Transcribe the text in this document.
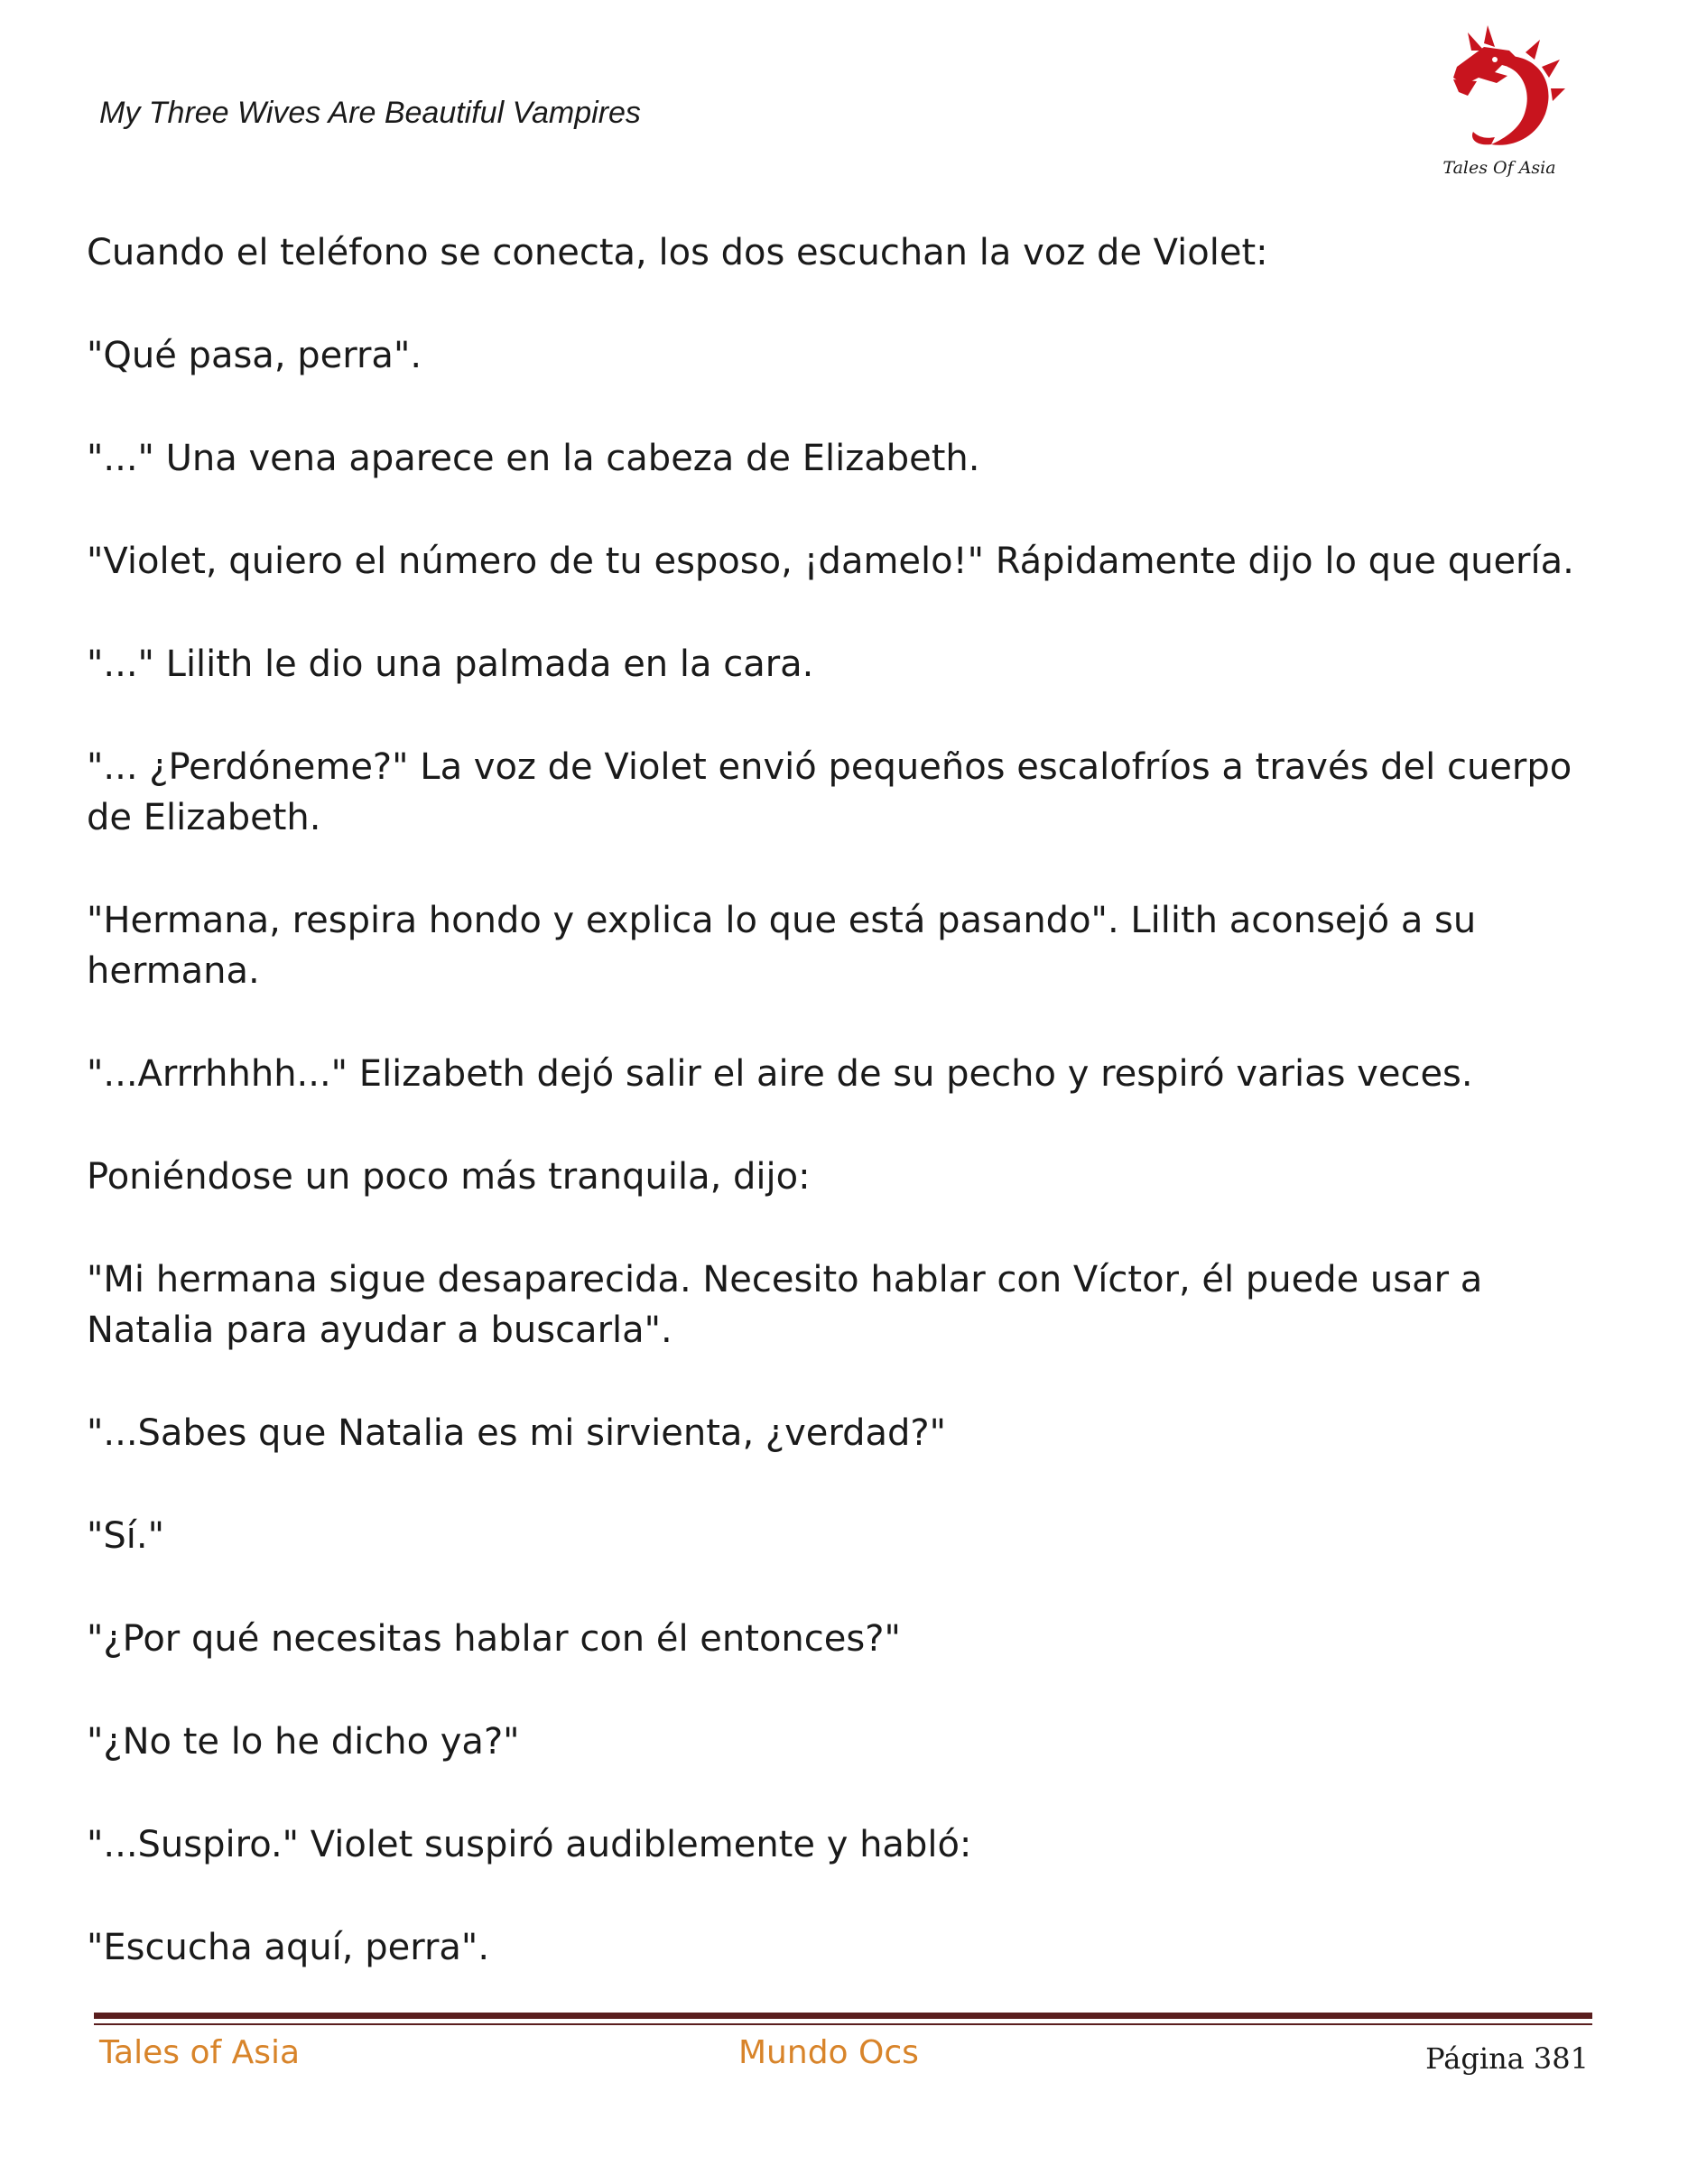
My Three Wives Are Beautiful Vampires
Tales Of Asia

Cuando el teléfono se conecta, los dos escuchan la voz de Violet:

"Qué pasa, perra".

"..." Una vena aparece en la cabeza de Elizabeth.

"Violet, quiero el número de tu esposo, ¡damelo!" Rápidamente dijo lo que quería.

"..." Lilith le dio una palmada en la cara.

"... ¿Perdóneme?" La voz de Violet envió pequeños escalofríos a través del cuerpo de Elizabeth.

"Hermana, respira hondo y explica lo que está pasando". Lilith aconsejó a su hermana.

"...Arrrhhhh..." Elizabeth dejó salir el aire de su pecho y respiró varias veces.

Poniéndose un poco más tranquila, dijo:

"Mi hermana sigue desaparecida. Necesito hablar con Víctor, él puede usar a Natalia para ayudar a buscarla".

"...Sabes que Natalia es mi sirvienta, ¿verdad?"

"Sí."

"¿Por qué necesitas hablar con él entonces?"

"¿No te lo he dicho ya?"

"...Suspiro." Violet suspiró audiblemente y habló:

"Escucha aquí, perra".

Tales of Asia	Mundo Ocs	Página 381
